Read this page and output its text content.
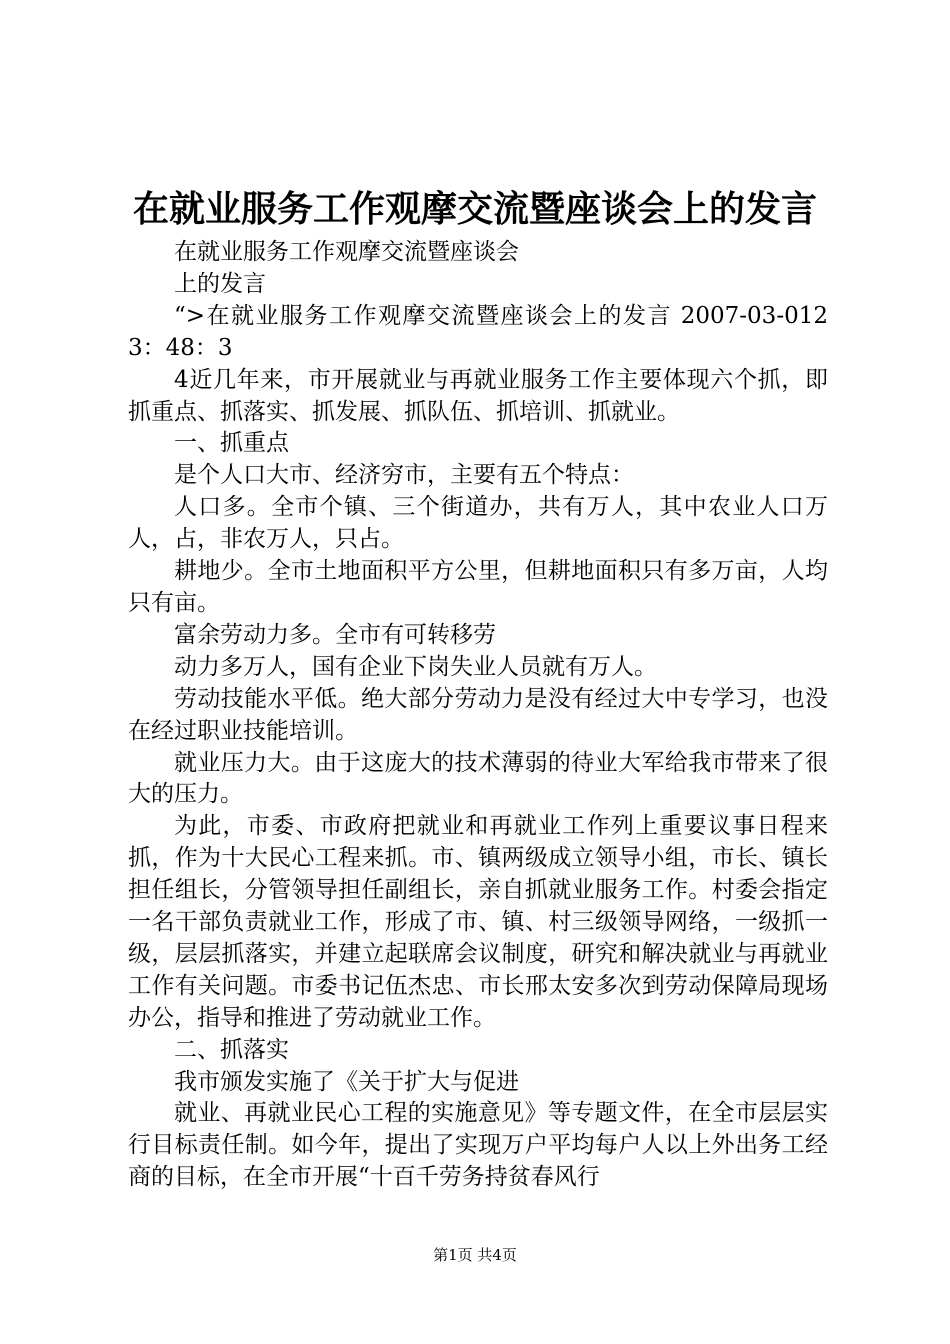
在就业服务工作观摩交流暨座谈会上的发言

在就业服务工作观摩交流暨座谈会

上的发言

“>在就业服务工作观摩交流暨座谈会上的发言 2007-03-0123：48：3

4近几年来，市开展就业与再就业服务工作主要体现六个抓，即抓重点、抓落实、抓发展、抓队伍、抓培训、抓就业。

一、抓重点

是个人口大市、经济穷市，主要有五个特点：

人口多。全市个镇、三个街道办，共有万人，其中农业人口万人，占，非农万人，只占。

耕地少。全市土地面积平方公里，但耕地面积只有多万亩，人均只有亩。

富余劳动力多。全市有可转移劳

动力多万人，国有企业下岗失业人员就有万人。

劳动技能水平低。绝大部分劳动力是没有经过大中专学习，也没在经过职业技能培训。

就业压力大。由于这庞大的技术薄弱的待业大军给我市带来了很大的压力。

为此，市委、市政府把就业和再就业工作列上重要议事日程来抓，作为十大民心工程来抓。市、镇两级成立领导小组，市长、镇长担任组长，分管领导担任副组长，亲自抓就业服务工作。村委会指定一名干部负责就业工作，形成了市、镇、村三级领导网络，一级抓一级，层层抓落实，并建立起联席会议制度，研究和解决就业与再就业工作有关问题。市委书记伍杰忠、市长邢太安多次到劳动保障局现场办公，指导和推进了劳动就业工作。

二、抓落实

我市颁发实施了《关于扩大与促进

就业、再就业民心工程的实施意见》等专题文件，在全市层层实行目标责任制。如今年，提出了实现万户平均每户人以上外出务工经商的目标，在全市开展“十百千劳务持贫春风行

第1页 共4页
